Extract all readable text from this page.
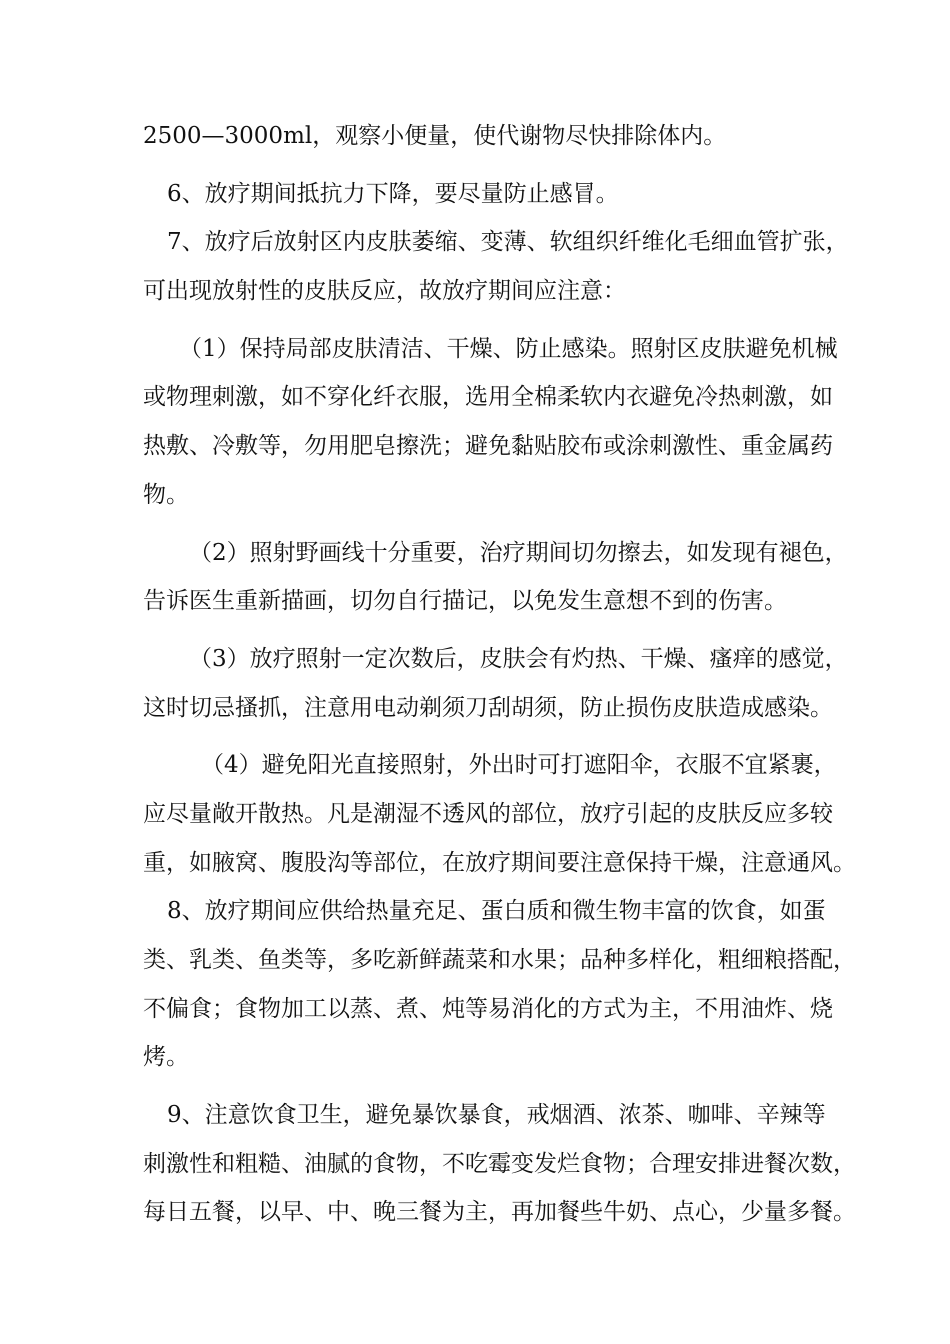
2500—3000ml，观察小便量，使代谢物尽快排除体内。
6、放疗期间抵抗力下降，要尽量防止感冒。
7、放疗后放射区内皮肤萎缩、变薄、软组织纤维化毛细血管扩张，
可出现放射性的皮肤反应，故放疗期间应注意：
（1）保持局部皮肤清洁、干燥、防止感染。照射区皮肤避免机械
或物理刺激，如不穿化纤衣服，选用全棉柔软内衣避免冷热刺激，如
热敷、冷敷等，勿用肥皂擦洗；避免黏贴胶布或涂刺激性、重金属药
物。
（2）照射野画线十分重要，治疗期间切勿擦去，如发现有褪色，
告诉医生重新描画，切勿自行描记，以免发生意想不到的伤害。
（3）放疗照射一定次数后，皮肤会有灼热、干燥、瘙痒的感觉，
这时切忌搔抓，注意用电动剃须刀刮胡须，防止损伤皮肤造成感染。
（4）避免阳光直接照射，外出时可打遮阳伞，衣服不宜紧裹，
应尽量敞开散热。凡是潮湿不透风的部位，放疗引起的皮肤反应多较
重，如腋窝、腹股沟等部位，在放疗期间要注意保持干燥，注意通风。
8、放疗期间应供给热量充足、蛋白质和微生物丰富的饮食，如蛋
类、乳类、鱼类等，多吃新鲜蔬菜和水果；品种多样化，粗细粮搭配，
不偏食；食物加工以蒸、煮、炖等易消化的方式为主，不用油炸、烧
烤。
9、注意饮食卫生，避免暴饮暴食，戒烟酒、浓茶、咖啡、辛辣等
刺激性和粗糙、油腻的食物，不吃霉变发烂食物；合理安排进餐次数，
每日五餐，以早、中、晚三餐为主，再加餐些牛奶、点心，少量多餐。
